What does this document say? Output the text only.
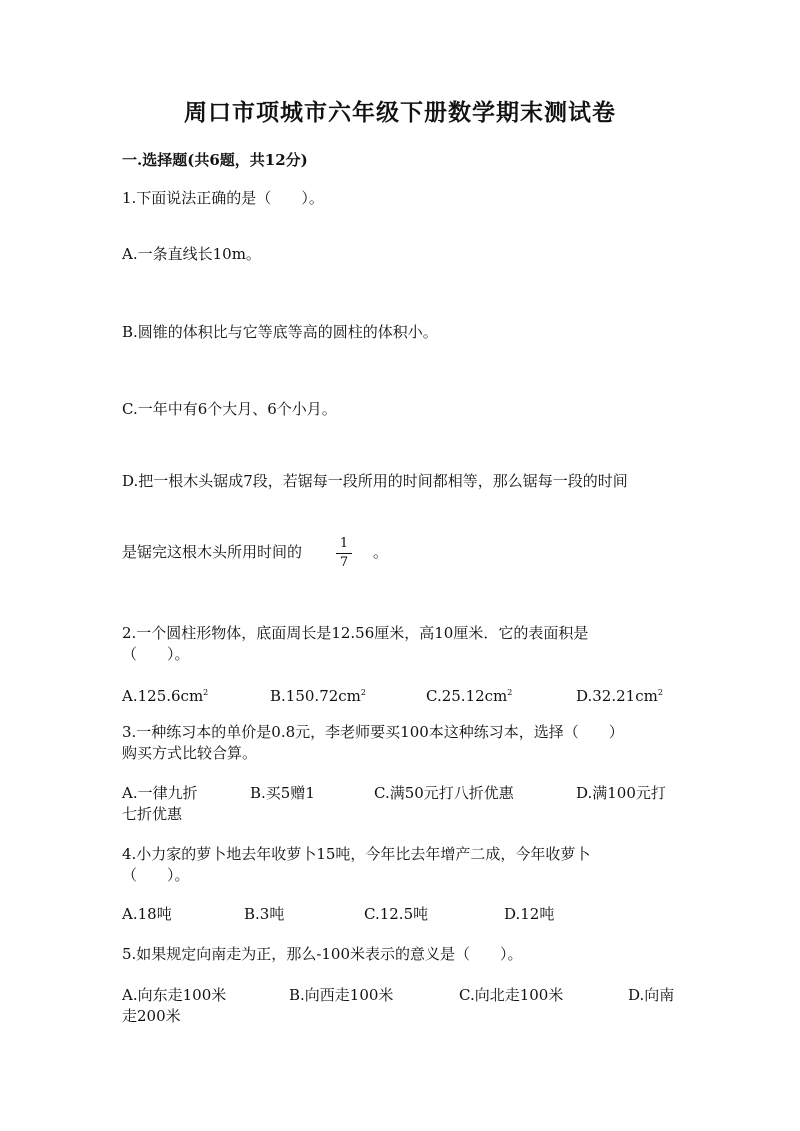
周口市项城市六年级下册数学期末测试卷
一.选择题(共6题，共12分)
1.下面说法正确的是（　　）。
A.一条直线长10m。
B.圆锥的体积比与它等底等高的圆柱的体积小。
C.一年中有6个大月、6个小月。
D.把一根木头锯成7段，若锯每一段所用的时间都相等，那么锯每一段的时间
是锯完这根木头所用时间的	1
7
。
2.一个圆柱形物体，底面周长是12.56厘米，高10厘米．它的表面积是
（　　）。
$A.125.6cm^2$	$B.150.72cm^2$	$C.25.12cm^2$	$D.32.21cm^2$
3.一种练习本的单价是0.8元，李老师要买100本这种练习本，选择（　　）
购买方式比较合算。
A.一律九折	B.买5赠1	C.满50元打八折优惠	D.满100元打
七折优惠
4.小力家的萝卜地去年收萝卜15吨，今年比去年增产二成，今年收萝卜
（　　）。
A.18吨	B.3吨	C.12.5吨	D.12吨
5.如果规定向南走为正，那么-100米表示的意义是（　　）。
A.向东走100米	B.向西走100米	C.向北走100米	D.向南
走200米
